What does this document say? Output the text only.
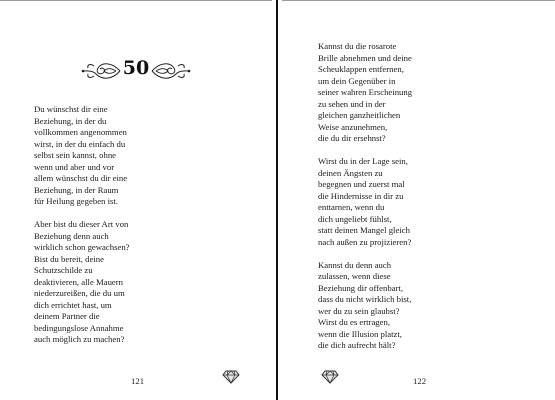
50

Du wünschst dir eine
Beziehung, in der du
vollkommen angenommen
wirst, in der du einfach du
selbst sein kannst, ohne
wenn und aber und vor
allem wünschst du dir eine
Beziehung, in der Raum
für Heilung gegeben ist.

Aber bist du dieser Art von
Beziehung denn auch
wirklich schon gewachsen?
Bist du bereit, deine
Schutzschilde zu
deaktivieren, alle Mauern
niederzureißen, die du um
dich errichtet hast, um
deinem Partner die
bedingungslose Annahme
auch möglich zu machen?

121	122

Kannst du die rosarote
Brille abnehmen und deine
Scheuklappen entfernen,
um dein Gegenüber in
seiner wahren Erscheinung
zu sehen und in der
gleichen ganzheitlichen
Weise anzunehmen,
die du dir ersehnst?

Wirst du in der Lage sein,
deinen Ängsten zu
begegnen und zuerst mal
die Hindernisse in dir zu
enttarnen, wenn du
dich ungeliebt fühlst,
statt deinen Mangel gleich
nach außen zu projizieren?

Kannst du denn auch
zulassen, wenn diese
Beziehung dir offenbart,
dass du nicht wirklich bist,
wer du zu sein glaubst?
Wirst du es ertragen,
wenn die Illusion platzt,
die dich aufrecht hält?
